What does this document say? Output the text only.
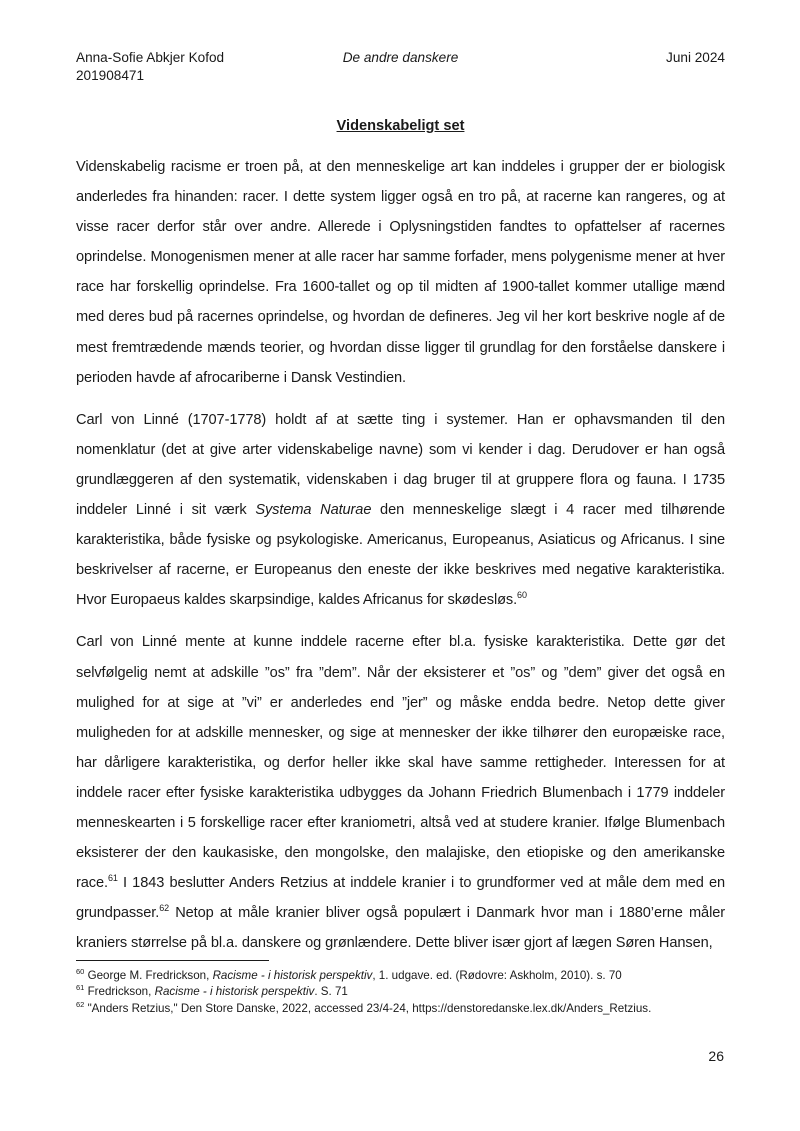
Anna-Sofie Abkjer Kofod
201908471
De andre danskere	Juni 2024
Videnskabeligt set

Videnskabelig racisme er troen på, at den menneskelige art kan inddeles i grupper der er biologisk anderledes fra hinanden: racer. I dette system ligger også en tro på, at racerne kan rangeres, og at visse racer derfor står over andre. Allerede i Oplysningstiden fandtes to opfattelser af racernes oprindelse. Monogenismen mener at alle racer har samme forfader, mens polygenisme mener at hver race har forskellig oprindelse. Fra 1600-tallet og op til midten af 1900-tallet kommer utallige mænd med deres bud på racernes oprindelse, og hvordan de defineres. Jeg vil her kort beskrive nogle af de mest fremtrædende mænds teorier, og hvordan disse ligger til grundlag for den forståelse danskere i perioden havde af afrocariberne i Dansk Vestindien.

Carl von Linné (1707-1778) holdt af at sætte ting i systemer. Han er ophavsmanden til den nomenklatur (det at give arter videnskabelige navne) som vi kender i dag. Derudover er han også grundlæggeren af den systematik, videnskaben i dag bruger til at gruppere flora og fauna. I 1735 inddeler Linné i sit værk Systema Naturae den menneskelige slægt i 4 racer med tilhørende karakteristika, både fysiske og psykologiske. Americanus, Europeanus, Asiaticus og Africanus. I sine beskrivelser af racerne, er Europeanus den eneste der ikke beskrives med negative karakteristika. Hvor Europaeus kaldes skarpsindige, kaldes Africanus for skødesløs.$^{60}$

Carl von Linné mente at kunne inddele racerne efter bl.a. fysiske karakteristika. Dette gør det selvfølgelig nemt at adskille ”os” fra ”dem”. Når der eksisterer et ”os” og ”dem” giver det også en mulighed for at sige at ”vi” er anderledes end ”jer” og måske endda bedre. Netop dette giver muligheden for at adskille mennesker, og sige at mennesker der ikke tilhører den europæiske race, har dårligere karakteristika, og derfor heller ikke skal have samme rettigheder. Interessen for at inddele racer efter fysiske karakteristika udbygges da Johann Friedrich Blumenbach i 1779 inddeler menneskearten i 5 forskellige racer efter kraniometri, altså ved at studere kranier. Ifølge Blumenbach eksisterer der den kaukasiske, den mongolske, den malajiske, den etiopiske og den amerikanske race.$^{61}$ I 1843 beslutter Anders Retzius at inddele kranier i to grundformer ved at måle dem med en grundpasser.$^{62}$ Netop at måle kranier bliver også populært i Danmark hvor man i 1880’erne måler kraniers størrelse på bl.a. danskere og grønlændere. Dette bliver især gjort af lægen Søren Hansen,

$^{60}$ George M. Fredrickson, Racisme - i historisk perspektiv, 1. udgave. ed. (Rødovre: Askholm, 2010). s. 70
$^{61}$ Fredrickson, Racisme - i historisk perspektiv. S. 71
$^{62}$ "Anders Retzius," Den Store Danske, 2022, accessed 23/4-24, https://denstoredanske.lex.dk/Anders_Retzius.
26
